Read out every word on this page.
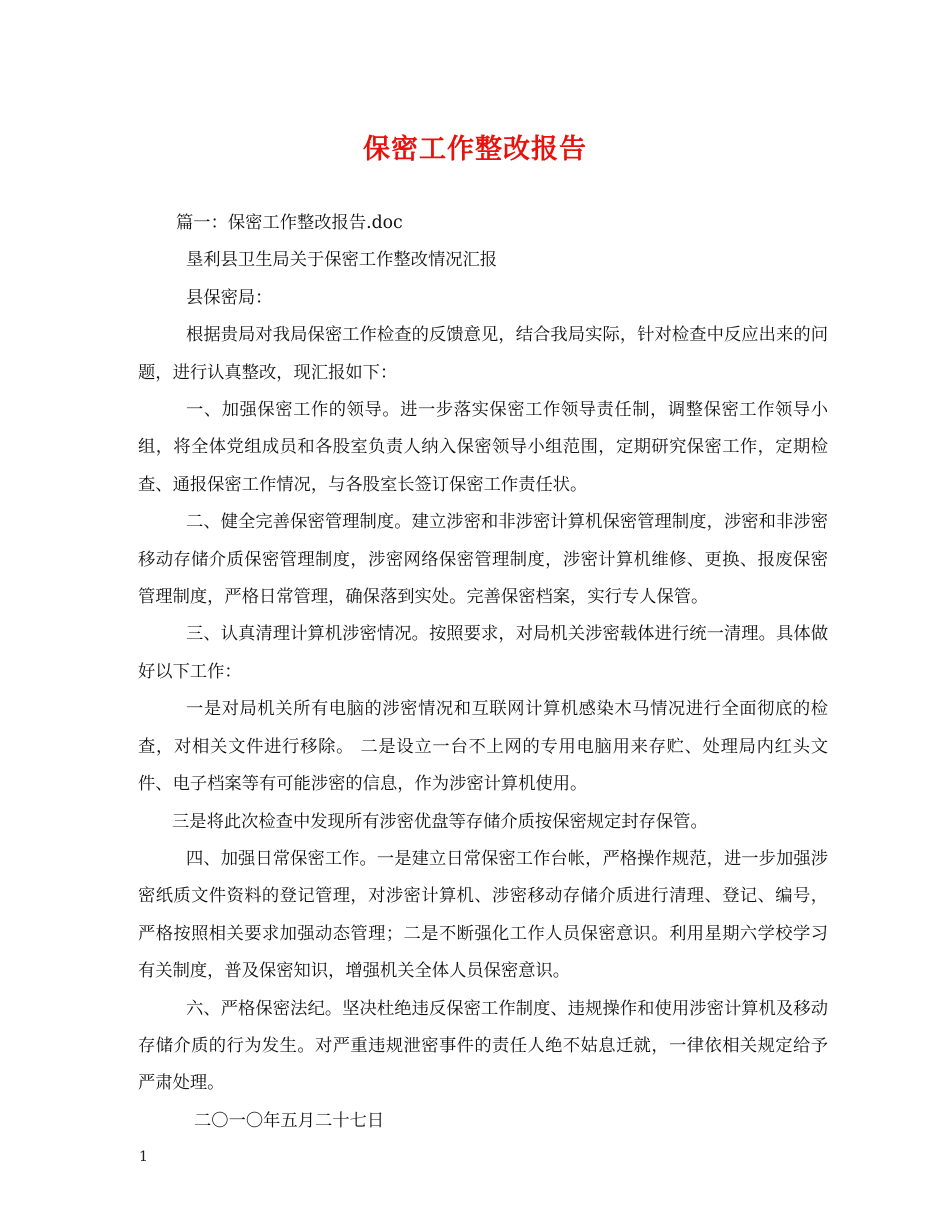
保密工作整改报告

篇一：保密工作整改报告.doc

垦利县卫生局关于保密工作整改情况汇报

县保密局：

根据贵局对我局保密工作检查的反馈意见，结合我局实际，针对检查中反应出来的问题，进行认真整改，现汇报如下：

一、加强保密工作的领导。进一步落实保密工作领导责任制，调整保密工作领导小组，将全体党组成员和各股室负责人纳入保密领导小组范围，定期研究保密工作，定期检查、通报保密工作情况，与各股室长签订保密工作责任状。

二、健全完善保密管理制度。建立涉密和非涉密计算机保密管理制度，涉密和非涉密移动存储介质保密管理制度，涉密网络保密管理制度，涉密计算机维修、更换、报废保密管理制度，严格日常管理，确保落到实处。完善保密档案，实行专人保管。

三、认真清理计算机涉密情况。按照要求，对局机关涉密载体进行统一清理。具体做好以下工作：

一是对局机关所有电脑的涉密情况和互联网计算机感染木马情况进行全面彻底的检查，对相关文件进行移除。 二是设立一台不上网的专用电脑用来存贮、处理局内红头文件、电子档案等有可能涉密的信息，作为涉密计算机使用。

三是将此次检查中发现所有涉密优盘等存储介质按保密规定封存保管。

四、加强日常保密工作。一是建立日常保密工作台帐，严格操作规范，进一步加强涉密纸质文件资料的登记管理，对涉密计算机、涉密移动存储介质进行清理、登记、编号，严格按照相关要求加强动态管理；二是不断强化工作人员保密意识。利用星期六学校学习有关制度，普及保密知识，增强机关全体人员保密意识。

六、严格保密法纪。坚决杜绝违反保密工作制度、违规操作和使用涉密计算机及移动存储介质的行为发生。对严重违规泄密事件的责任人绝不姑息迁就，一律依相关规定给予严肃处理。

二〇一〇年五月二十七日

1
